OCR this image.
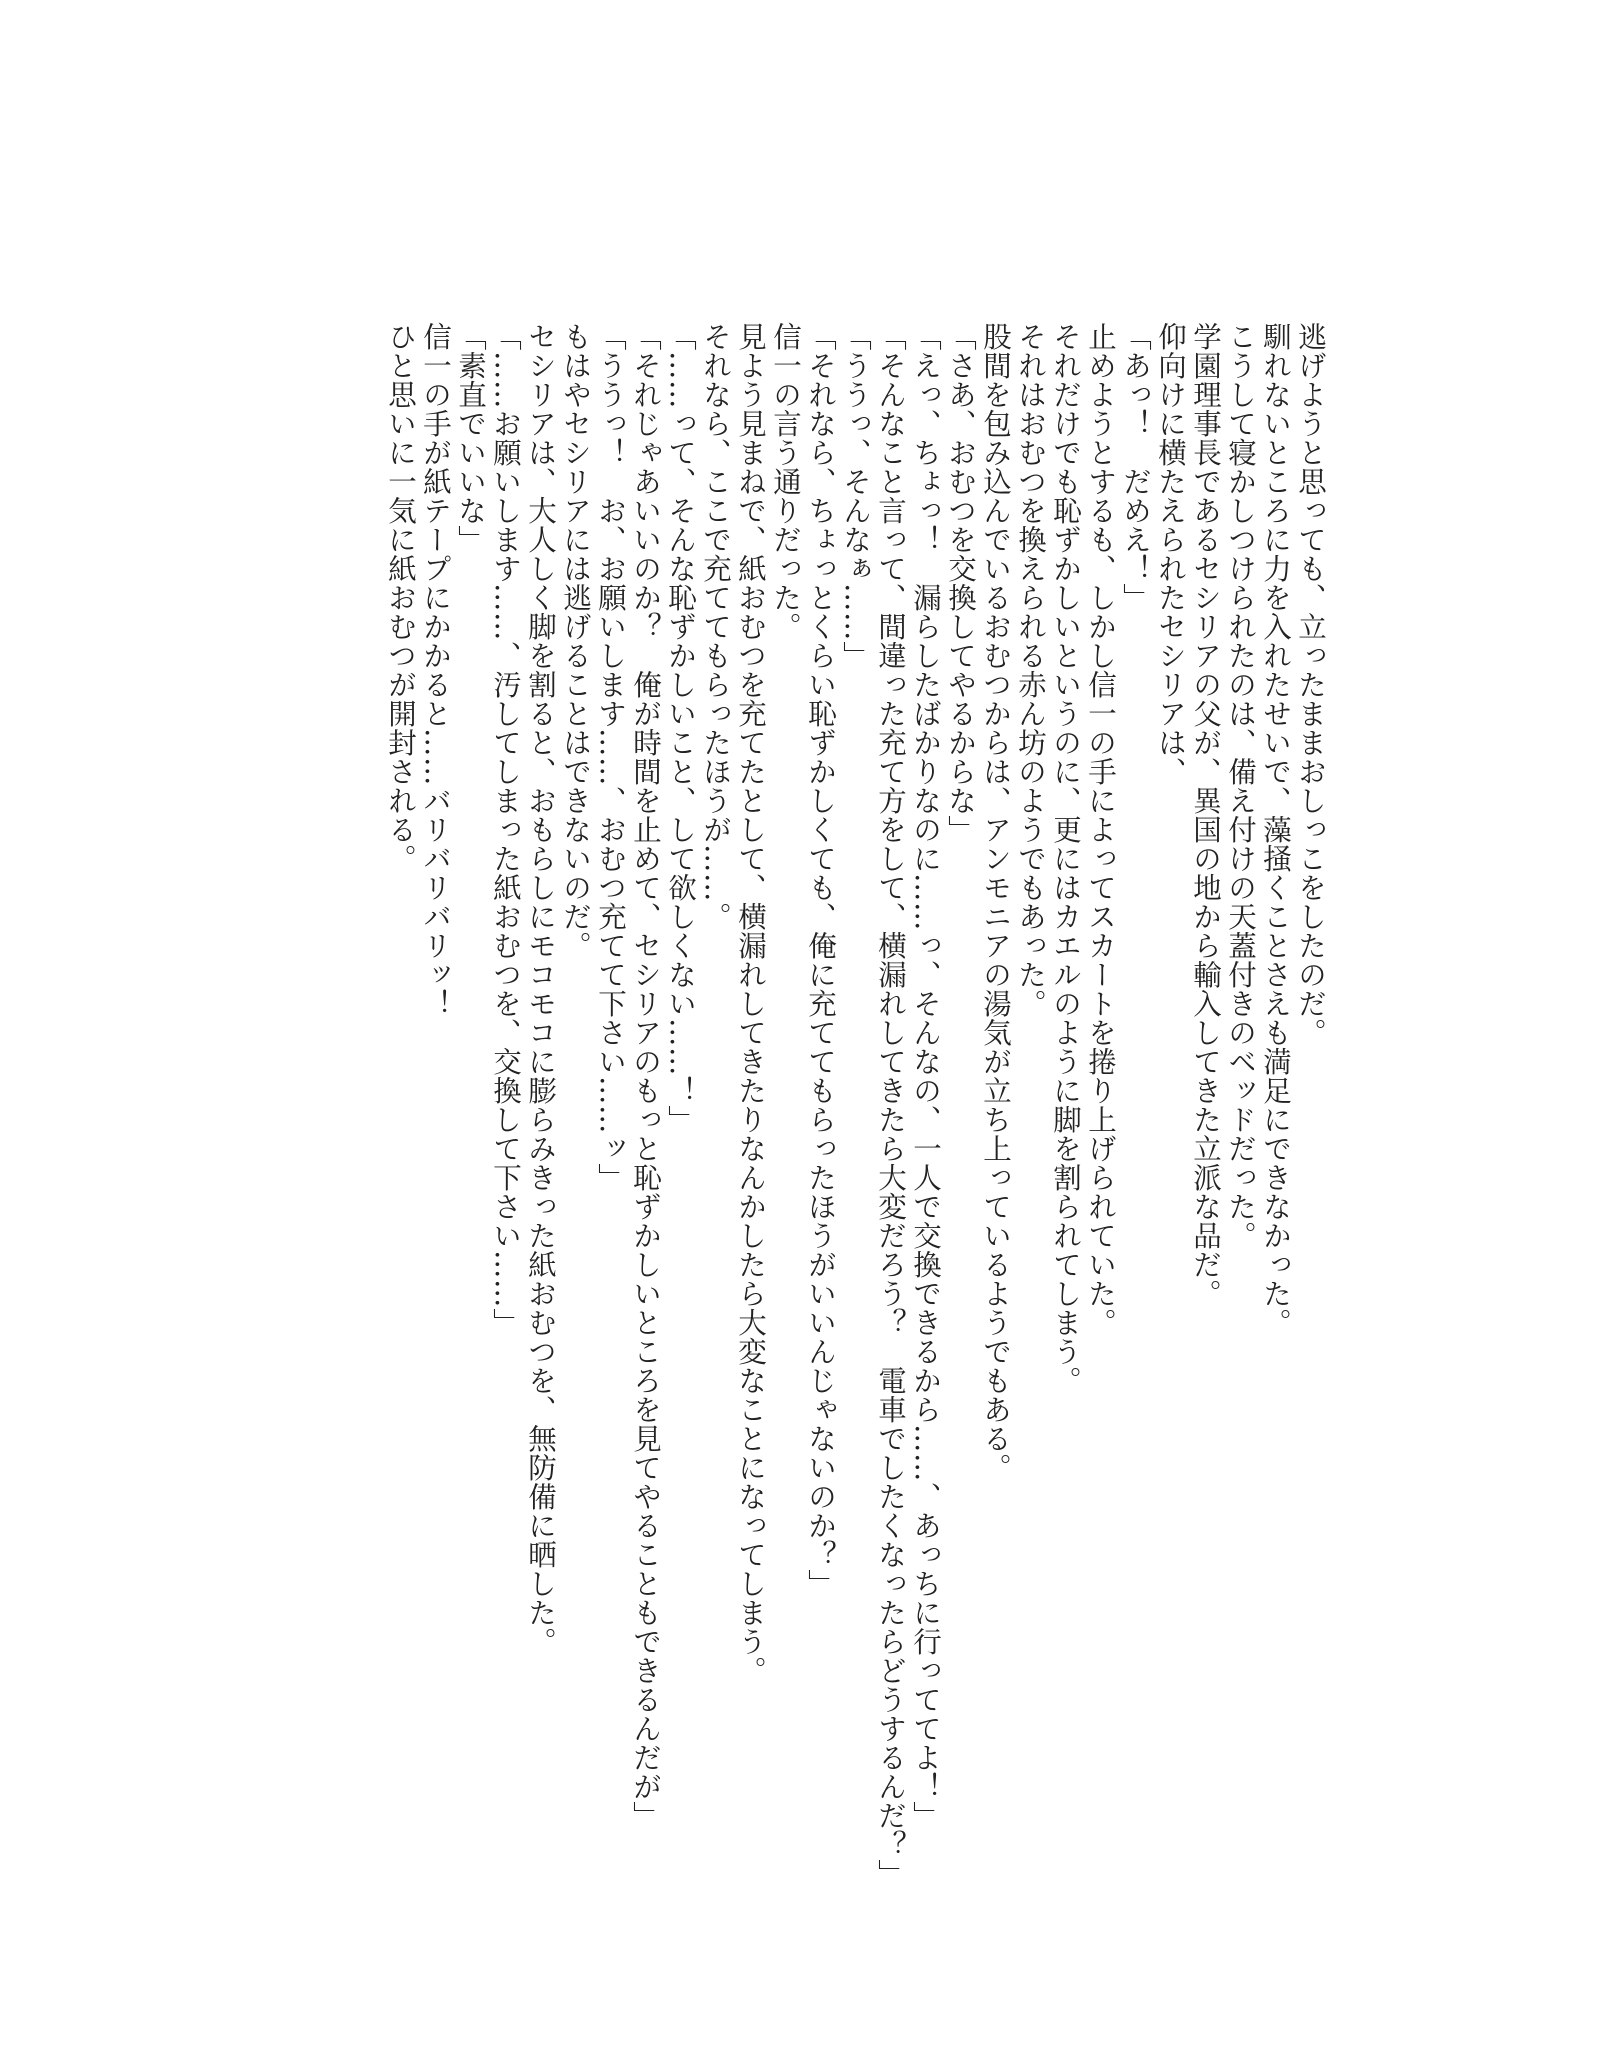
逃げようと思っても、立ったままおしっこをしたのだ。
馴れないところに力を入れたせいで、藻掻くことさえも満足にできなかった。
こうして寝かしつけられたのは、備え付けの天蓋付きのベッドだった。
学園理事長であるセシリアの父が、異国の地から輸入してきた立派な品だ。
仰向けに横たえられたセシリアは、
「あっ！　だめえ！」
止めようとするも、しかし信一の手によってスカートを捲り上げられていた。
それだけでも恥ずかしいというのに、更にはカエルのように脚を割られてしまう。
それはおむつを換えられる赤ん坊のようでもあった。
股間を包み込んでいるおむつからは、アンモニアの湯気が立ち上っているようでもある。
「さあ、おむつを交換してやるからな」
「えっ、ちょっ！　漏らしたばかりなのに……っ、そんなの、一人で交換できるから……、あっちに行っててよ！」
「そんなこと言って、間違った充て方をして、横漏れしてきたら大変だろう？　電車でしたくなったらどうするんだ？」
「ううっ、そんなぁ……」
「それなら、ちょっとくらい恥ずかしくても、俺に充ててもらったほうがいいんじゃないのか？」
信一の言う通りだった。
見よう見まねで、紙おむつを充てたとして、横漏れしてきたりなんかしたら大変なことになってしまう。
それなら、ここで充ててもらったほうが……。
「……って、そんな恥ずかしいこと、して欲しくない……！」
「それじゃあいいのか？　俺が時間を止めて、セシリアのもっと恥ずかしいところを見てやることもできるんだが」
「ううっ！　お、お願いします……、おむつ充てて下さい……ッ」
もはやセシリアには逃げることはできないのだ。
セシリアは、大人しく脚を割ると、おもらしにモコモコに膨らみきった紙おむつを、無防備に晒した。
「……お願いします……、汚してしまった紙おむつを、交換して下さい……」
「素直でいいな」
信一の手が紙テープにかかると……バリバリバリッ！
ひと思いに一気に紙おむつが開封される。
